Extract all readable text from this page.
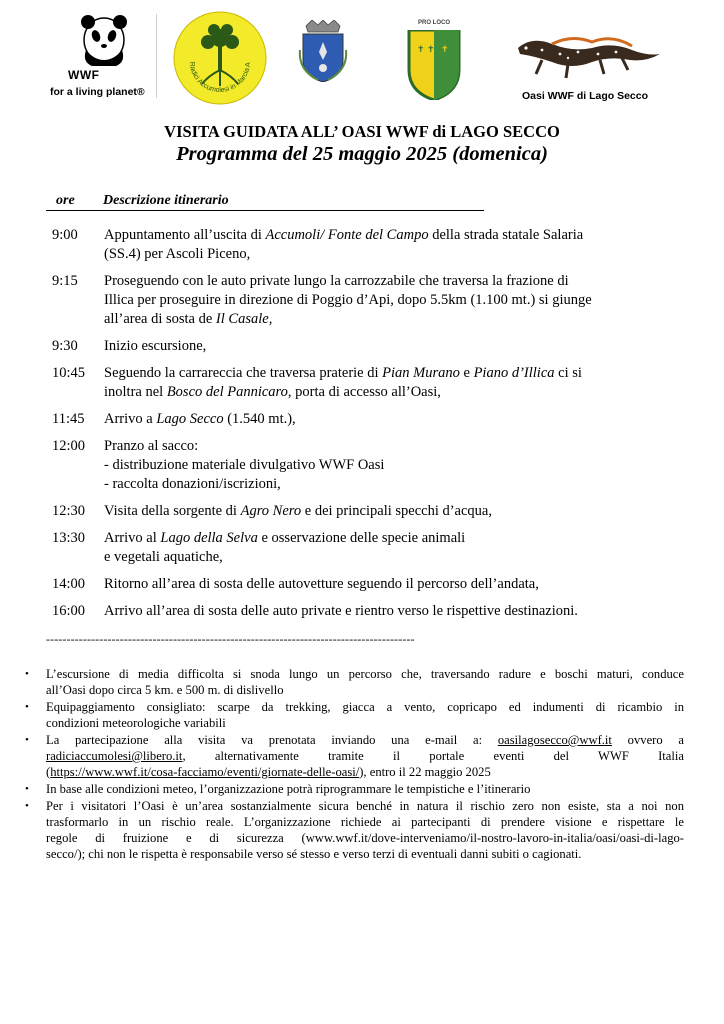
WWF
for a living planet®
Radici Accumolesi in Marcia A
PRO LOCO
✝ ✝ ✝
Oasi WWF di Lago Secco
VISITA GUIDATA ALL’ OASI WWF di LAGO SECCO
Programma del 25 maggio 2025 (domenica)
ore Descrizione itinerario
9:00	Appuntamento all’uscita di Accumoli/ Fonte del Campo della strada statale Salaria
(SS.4) per Ascoli Piceno,
9:15	Proseguendo con le auto private lungo la carrozzabile che traversa la frazione di
Illica per proseguire in direzione di Poggio d’Api, dopo 5.5km (1.100 mt.) si giunge
all’area di sosta de Il Casale,
9:30	Inizio escursione,
10:45	Seguendo la carrareccia che traversa praterie di Pian Murano e Piano d’Illica ci si
inoltra nel Bosco del Pannicaro, porta di accesso all’Oasi,
11:45	Arrivo a Lago Secco (1.540 mt.),
12:00	Pranzo al sacco:
- distribuzione materiale divulgativo WWF Oasi
- raccolta donazioni/iscrizioni,
12:30	Visita della sorgente di Agro Nero e dei principali specchi d’acqua,
13:30	Arrivo al Lago della Selva e osservazione delle specie animali
e vegetali aquatiche,
14:00	Ritorno all’area di sosta delle autovetture seguendo il percorso dell’andata,
16:00	Arrivo all’area di sosta delle auto private e rientro verso le rispettive destinazioni.
------------------------------------------------------------------------------------------
• L’escursione di media difficolta si snoda lungo un percorso che, traversando radure e boschi maturi, conduce
all’Oasi dopo circa 5 km. e 500 m. di dislivello
• Equipaggiamento consigliato: scarpe da trekking, giacca a vento, copricapo ed indumenti di ricambio in
condizioni meteorologiche variabili
• La partecipazione alla visita va prenotata inviando una e-mail a: oasilagosecco@wwf.it ovvero a
radiciaccumolesi@libero.it, alternativamente tramite il portale eventi del WWF Italia
(https://www.wwf.it/cosa-facciamo/eventi/giornate-delle-oasi/), entro il 22 maggio 2025
• In base alle condizioni meteo, l’organizzazione potrà riprogrammare le tempistiche e l’itinerario
• Per i visitatori l’Oasi è un’area sostanzialmente sicura benché in natura il rischio zero non esiste, sta a noi non
trasformarlo in un rischio reale. L’organizzazione richiede ai partecipanti di prendere visione e rispettare le
regole di fruizione e di sicurezza (www.wwf.it/dove-interveniamo/il-nostro-lavoro-in-italia/oasi/oasi-di-lago-
secco/); chi non le rispetta è responsabile verso sé stesso e verso terzi di eventuali danni subiti o cagionati.
